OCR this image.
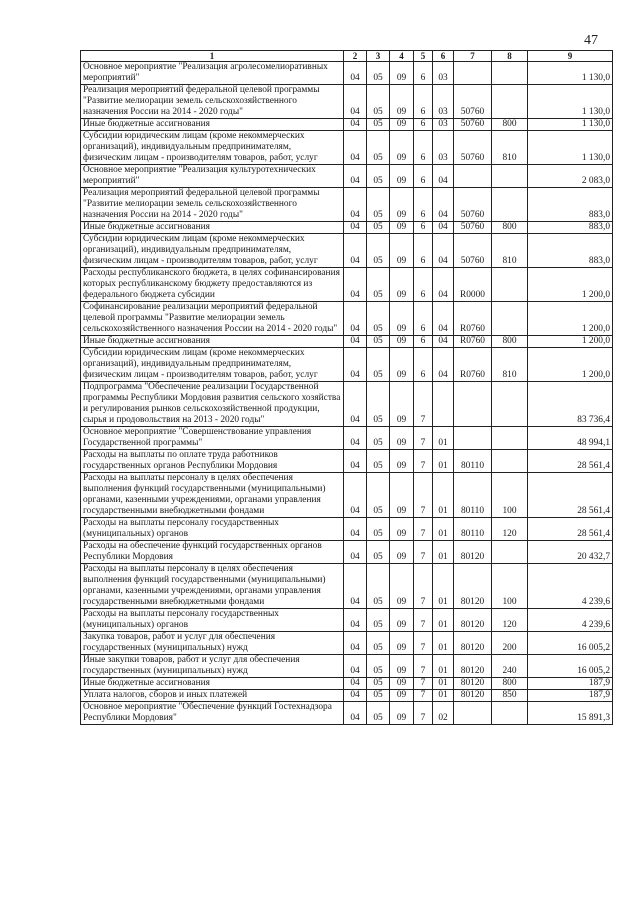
47
1	2	3	4	5	6	7	8	9
Основное мероприятие "Реализация агролесомелиоративных мероприятий"	04	05	09	6	03			1 130,0
Реализация мероприятий федеральной целевой программы "Развитие мелиорации земель сельскохозяйственного назначения России на 2014 - 2020 годы"	04	05	09	6	03	50760		1 130,0
Иные бюджетные ассигнования	04	05	09	6	03	50760	800	1 130,0
Субсидии юридическим лицам (кроме некоммерческих организаций), индивидуальным предпринимателям, физическим лицам - производителям товаров, работ, услуг	04	05	09	6	03	50760	810	1 130,0
Основное мероприятие "Реализация культуротехнических мероприятий"	04	05	09	6	04			2 083,0
Реализация мероприятий федеральной целевой программы "Развитие мелиорации земель сельскохозяйственного назначения России на 2014 - 2020 годы"	04	05	09	6	04	50760		883,0
Иные бюджетные ассигнования	04	05	09	6	04	50760	800	883,0
Субсидии юридическим лицам (кроме некоммерческих организаций), индивидуальным предпринимателям, физическим лицам - производителям товаров, работ, услуг	04	05	09	6	04	50760	810	883,0
Расходы республиканского бюджета, в целях софинансирования которых республиканскому бюджету предоставляются из федерального бюджета субсидии	04	05	09	6	04	R0000		1 200,0
Софинансирование реализации мероприятий федеральной целевой программы "Развитие мелиорации земель сельскохозяйственного назначения России на 2014 - 2020 годы"	04	05	09	6	04	R0760		1 200,0
Иные бюджетные ассигнования	04	05	09	6	04	R0760	800	1 200,0
Субсидии юридическим лицам (кроме некоммерческих организаций), индивидуальным предпринимателям, физическим лицам - производителям товаров, работ, услуг	04	05	09	6	04	R0760	810	1 200,0
Подпрограмма "Обеспечение реализации Государственной программы Республики Мордовия развития сельского хозяйства и регулирования рынков сельскохозяйственной продукции, сырья и продовольствия на 2013 - 2020 годы"	04	05	09	7				83 736,4
Основное мероприятие "Совершенствование управления Государственной программы"	04	05	09	7	01			48 994,1
Расходы на выплаты по оплате труда работников государственных органов Республики Мордовия	04	05	09	7	01	80110		28 561,4
Расходы на выплаты персоналу в целях обеспечения выполнения функций государственными (муниципальными) органами, казенными учреждениями, органами управления государственными внебюджетными фондами	04	05	09	7	01	80110	100	28 561,4
Расходы на выплаты персоналу государственных (муниципальных) органов	04	05	09	7	01	80110	120	28 561,4
Расходы на обеспечение функций государственных органов Республики Мордовия	04	05	09	7	01	80120		20 432,7
Расходы на выплаты персоналу в целях обеспечения выполнения функций государственными (муниципальными) органами, казенными учреждениями, органами управления государственными внебюджетными фондами	04	05	09	7	01	80120	100	4 239,6
Расходы на выплаты персоналу государственных (муниципальных) органов	04	05	09	7	01	80120	120	4 239,6
Закупка товаров, работ и услуг для обеспечения государственных (муниципальных) нужд	04	05	09	7	01	80120	200	16 005,2
Иные закупки товаров, работ и услуг для обеспечения государственных (муниципальных) нужд	04	05	09	7	01	80120	240	16 005,2
Иные бюджетные ассигнования	04	05	09	7	01	80120	800	187,9
Уплата налогов, сборов и иных платежей	04	05	09	7	01	80120	850	187,9
Основное мероприятие "Обеспечение функций Гостехнадзора Республики Мордовия"	04	05	09	7	02			15 891,3
